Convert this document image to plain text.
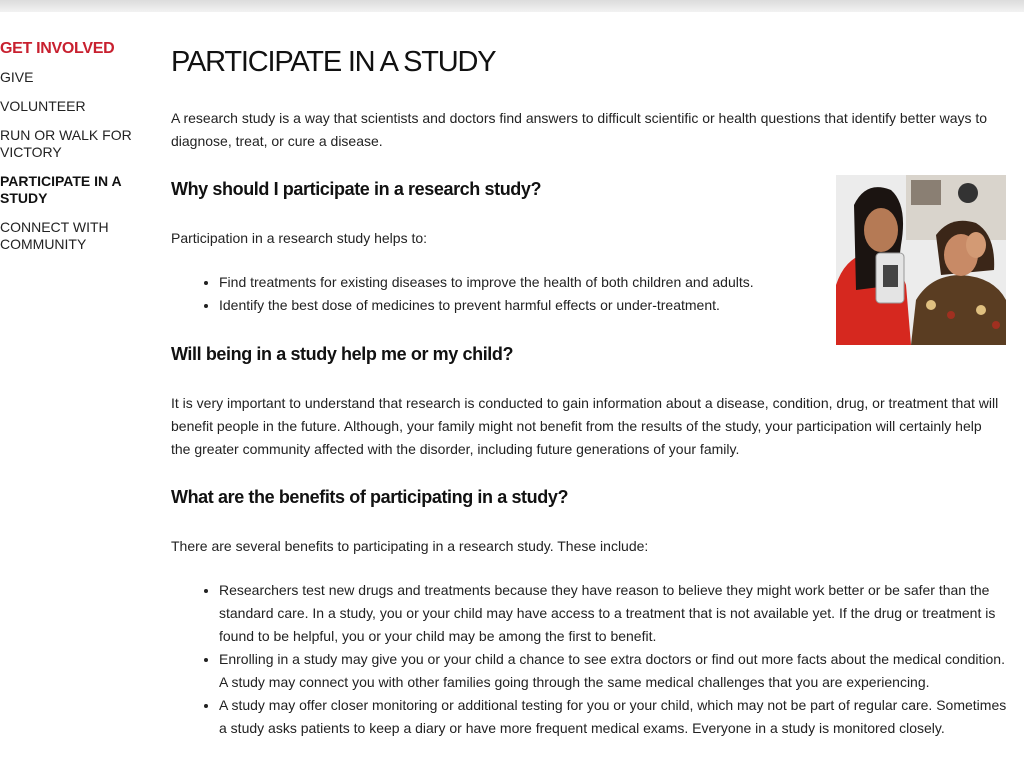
GET INVOLVED
GIVE
VOLUNTEER
RUN OR WALK FOR VICTORY
PARTICIPATE IN A STUDY
CONNECT WITH COMMUNITY
PARTICIPATE IN A STUDY

A research study is a way that scientists and doctors find answers to difficult scientific or health questions that identify better ways to diagnose, treat, or cure a disease.

Why should I participate in a research study?

Participation in a research study helps to:

• Find treatments for existing diseases to improve the health of both children and adults.
• Identify the best dose of medicines to prevent harmful effects or under-treatment.
Will being in a study help me or my child?

It is very important to understand that research is conducted to gain information about a disease, condition, drug, or treatment that will benefit people in the future. Although, your family might not benefit from the results of the study, your participation will certainly help the greater community affected with the disorder, including future generations of your family.

What are the benefits of participating in a study?

There are several benefits to participating in a research study. These include:

• Researchers test new drugs and treatments because they have reason to believe they might work better or be safer than the standard care. In a study, you or your child may have access to a treatment that is not available yet. If the drug or treatment is found to be helpful, you or your child may be among the first to benefit.
• Enrolling in a study may give you or your child a chance to see extra doctors or find out more facts about the medical condition. A study may connect you with other families going through the same medical challenges that you are experiencing.
• A study may offer closer monitoring or additional testing for you or your child, which may not be part of regular care. Sometimes a study asks patients to keep a diary or have more frequent medical exams. Everyone in a study is monitored closely.
